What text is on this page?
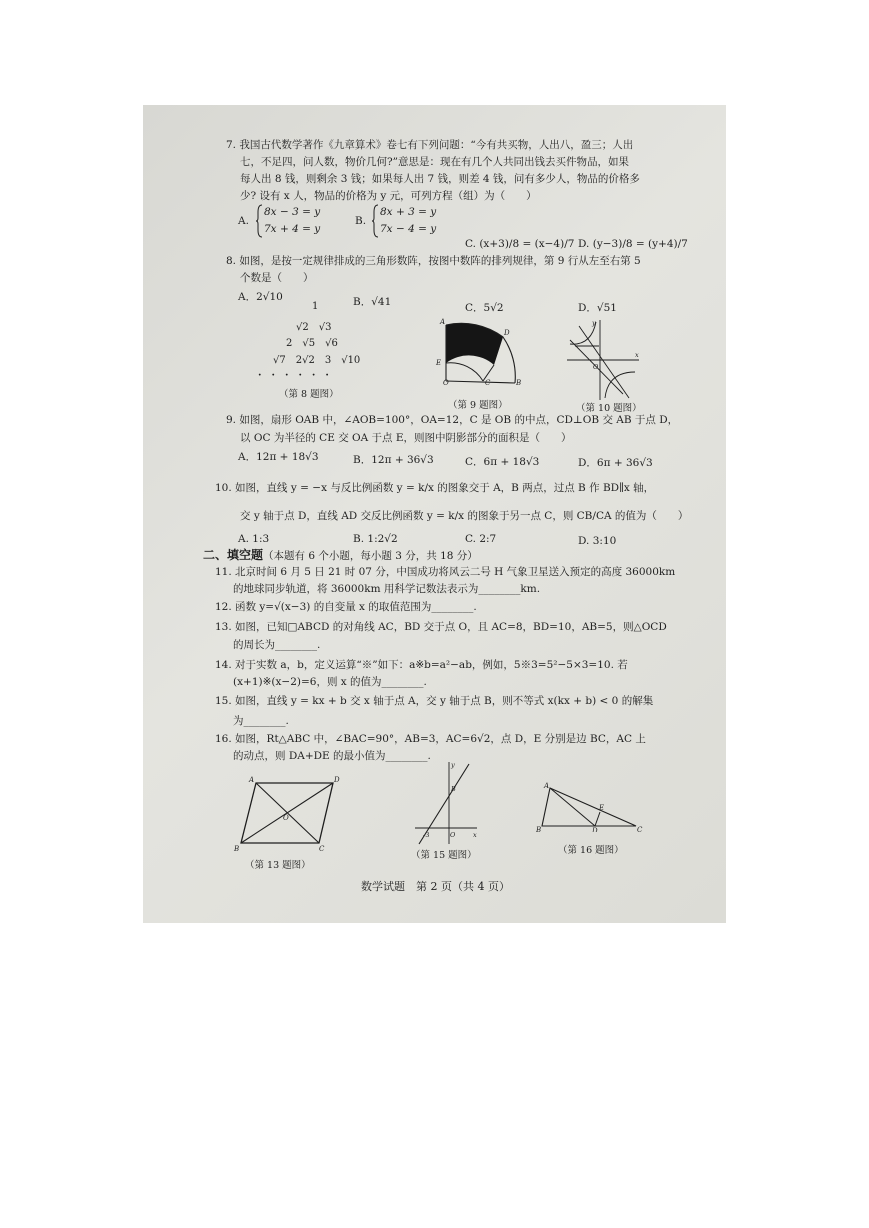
7. 我国古代数学著作《九章算术》卷七有下列问题：“今有共买物，人出八，盈三；人出
七，不足四，问人数，物价几何?”意思是：现在有几个人共同出钱去买件物品，如果
每人出 8 钱，则剩余 3 钱；如果每人出 7 钱，则差 4 钱，问有多少人，物品的价格多
少? 设有 x 人，物品的价格为 y 元，可列方程（组）为（　　）
A.
8x − 3 = y
7x + 4 = y
B.
8x + 3 = y
7x − 4 = y
C. (x+3)/8 = (x−4)/7 D. (y−3)/8 = (y+4)/7
8. 如图，是按一定规律排成的三角形数阵，按图中数阵的排列规律，第 9 行从左至右第 5
个数是（　　）
A．2√10	B．√41	C．5√2	D．√51
1
√2　√3
2　√5　√6
√7　2√2　3　√10
·　·　·　·　·　·
（第 8 题图）
A
D
E
O	C	B
（第 9 题图）
y
x
O
（第 10 题图）
9. 如图，扇形 OAB 中，∠AOB=100°，OA=12，C 是 OB 的中点，CD⊥OB 交 AB 于点 D，
以 OC 为半径的 CE 交 OA 于点 E，则图中阴影部分的面积是（　　）
A．12π + 18√3	B．12π + 36√3	C．6π + 18√3	D．6π + 36√3
10. 如图，直线 y = −x 与反比例函数 y = k/x 的图象交于 A，B 两点，过点 B 作 BD∥x 轴，
交 y 轴于点 D，直线 AD 交反比例函数 y = k/x 的图象于另一点 C，则 CB/CA 的值为（　　）
A. 1:3	B. 1:2√2	C. 2:7	D. 3:10
二、填空题（本题有 6 个小题，每小题 3 分，共 18 分）
11. 北京时间 6 月 5 日 21 时 07 分，中国成功将风云二号 H 气象卫星送入预定的高度 36000km
的地球同步轨道，将 36000km 用科学记数法表示为________km.
12. 函数 y=√(x−3) 的自变量 x 的取值范围为________.
13. 如图，已知□ABCD 的对角线 AC，BD 交于点 O，且 AC=8，BD=10，AB=5，则△OCD
的周长为________.
14. 对于实数 a，b，定义运算“※”如下：a※b=a²−ab，例如，5※3=5²−5×3=10. 若
(x+1)※(x−2)=6，则 x 的值为________.
15. 如图，直线 y = kx + b 交 x 轴于点 A，交 y 轴于点 B，则不等式 x(kx + b) < 0 的解集
为________.
16. 如图，Rt△ABC 中，∠BAC=90°，AB=3，AC=6√2，点 D，E 分别是边 BC，AC 上
的动点，则 DA+DE 的最小值为________.
A	D
B	C
O
（第 13 题图）
y
x
B
-3	O
（第 15 题图）
A
B	C
D
E
（第 16 题图）
数学试题　第 2 页（共 4 页）
